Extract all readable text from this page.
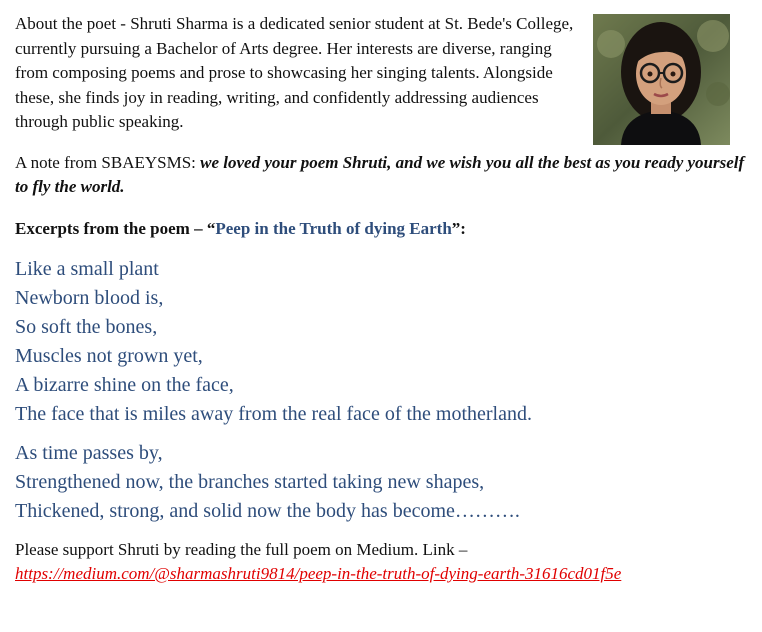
About the poet - Shruti Sharma is a dedicated senior student at St. Bede's College, currently pursuing a Bachelor of Arts degree. Her interests are diverse, ranging from composing poems and prose to showcasing her singing talents. Alongside these, she finds joy in reading, writing, and confidently addressing audiences through public speaking.

A note from SBAEYSMS: we loved your poem Shruti, and we wish you all the best as you ready yourself to fly the world.

Excerpts from the poem – “Peep in the Truth of dying Earth”:

Like a small plant
Newborn blood is,
So soft the bones,
Muscles not grown yet,
A bizarre shine on the face,
The face that is miles away from the real face of the motherland.

As time passes by,
Strengthened now, the branches started taking new shapes,
Thickened, strong, and solid now the body has become……….

Please support Shruti by reading the full poem on Medium. Link –
https://medium.com/@sharmashruti9814/peep-in-the-truth-of-dying-earth-31616cd01f5e
